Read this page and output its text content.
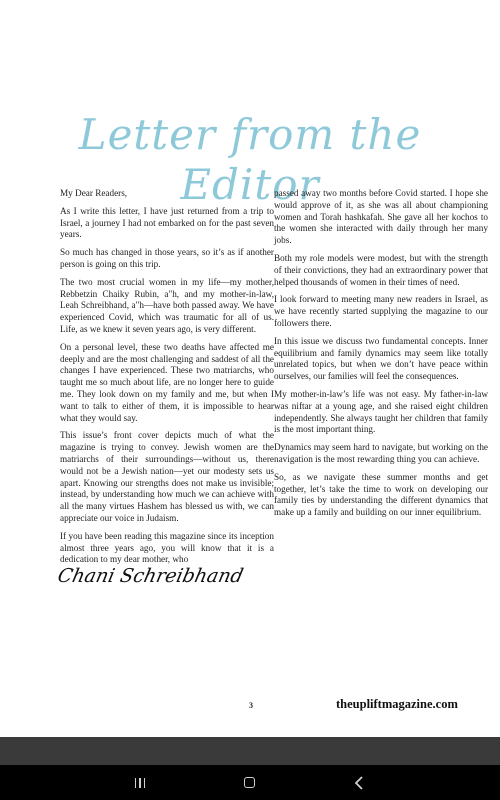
Letter from the Editor

My Dear Readers,

As I write this letter, I have just returned from a trip to Israel, a journey I had not embarked on for the past seven years.

So much has changed in those years, so it’s as if another person is going on this trip.

The two most crucial women in my life—my mother, Rebbetzin Chaiky Rubin, a"h, and my mother-in-law, Leah Schreibhand, a"h—have both passed away. We have experienced Covid, which was traumatic for all of us. Life, as we knew it seven years ago, is very different.

On a personal level, these two deaths have affected me deeply and are the most challenging and saddest of all the changes I have experienced. These two matriarchs, who taught me so much about life, are no longer here to guide me. They look down on my family and me, but when I want to talk to either of them, it is impossible to hear what they would say.

This issue’s front cover depicts much of what the magazine is trying to convey. Jewish women are the matriarchs of their surroundings—without us, there would not be a Jewish nation—yet our modesty sets us apart. Knowing our strengths does not make us invisible; instead, by understanding how much we can achieve with all the many virtues Hashem has blessed us with, we can appreciate our voice in Judaism.

If you have been reading this magazine since its inception almost three years ago, you will know that it is a dedication to my dear mother, who

passed away two months before Covid started. I hope she would approve of it, as she was all about championing women and Torah hashkafah. She gave all her kochos to the women she interacted with daily through her many jobs.

Both my role models were modest, but with the strength of their convictions, they had an extraordinary power that helped thousands of women in their times of need.

I look forward to meeting many new readers in Israel, as we have recently started supplying the magazine to our followers there.

In this issue we discuss two fundamental concepts. Inner equilibrium and family dynamics may seem like totally unrelated topics, but when we don’t have peace within ourselves, our families will feel the consequences.

My mother-in-law’s life was not easy. My father-in-law was niftar at a young age, and she raised eight children independently. She always taught her children that family is the most important thing.

Dynamics may seem hard to navigate, but working on the navigation is the most rewarding thing you can achieve.

So, as we navigate these summer months and get together, let’s take the time to work on developing our family ties by understanding the different dynamics that make up a family and building on our inner equilibrium.

Chani Schreibhand
3	theupliftmagazine.com
